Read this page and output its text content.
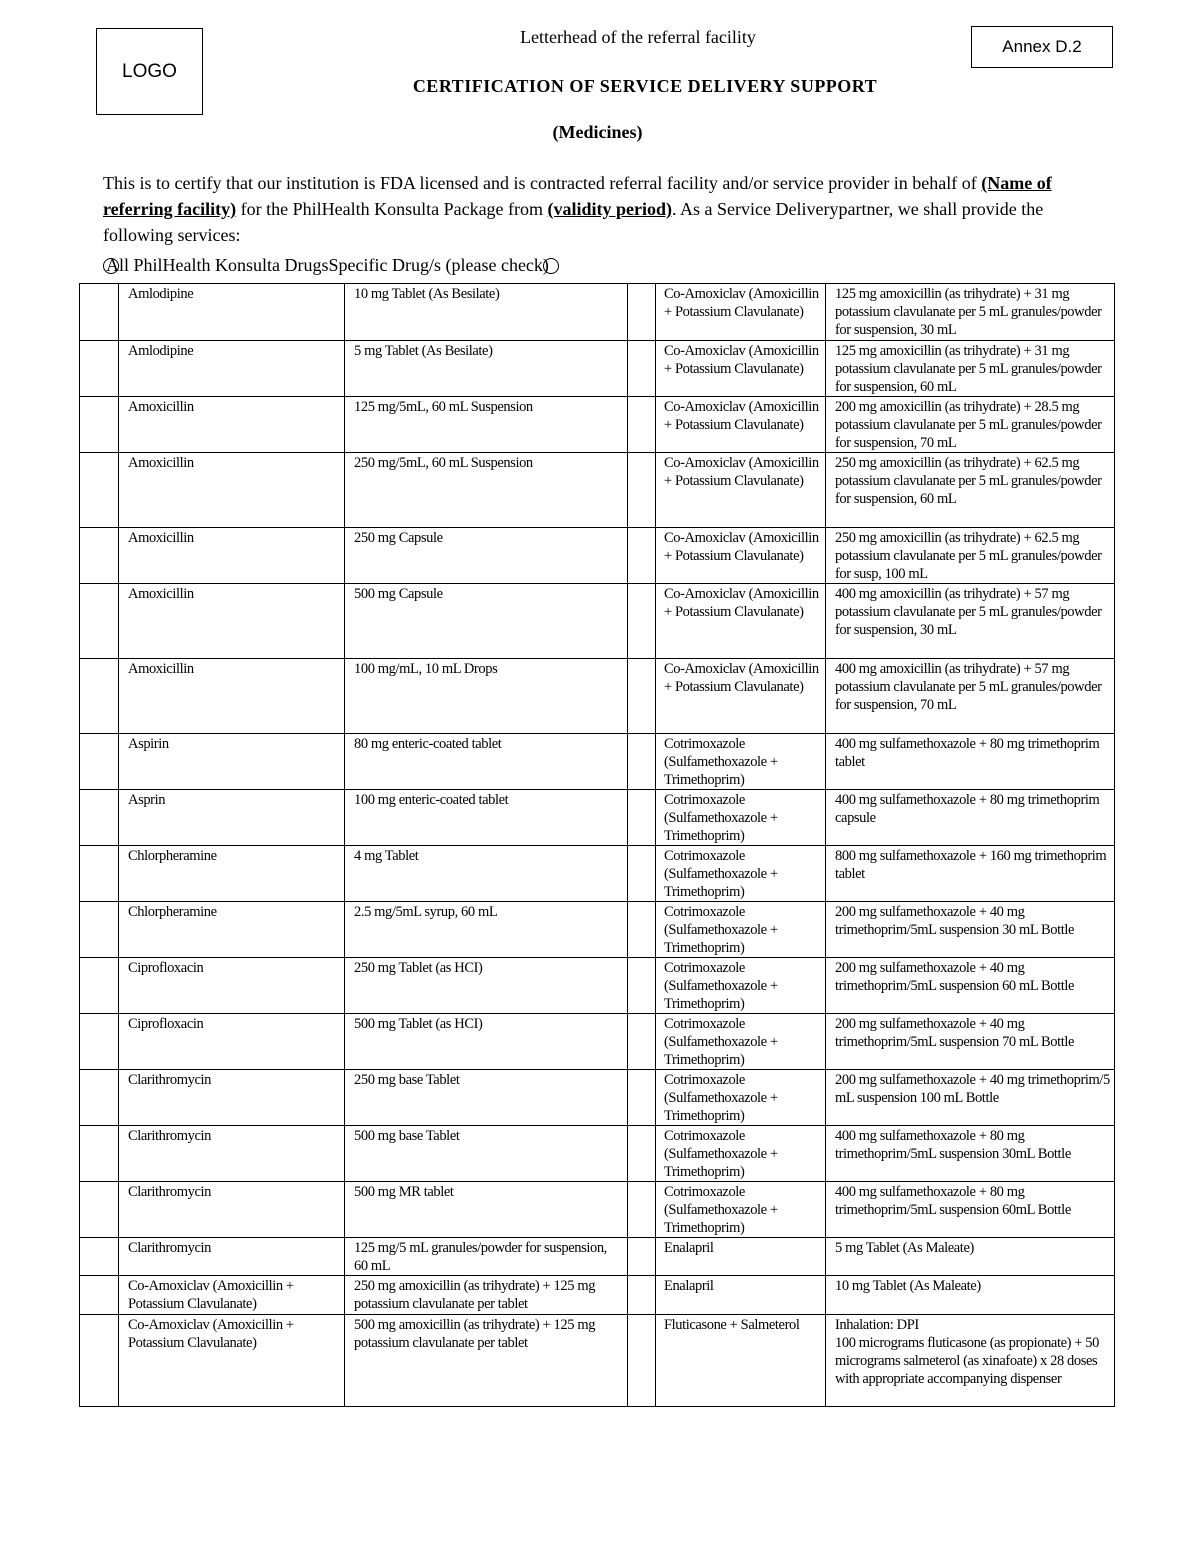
LOGO
Letterhead of the referral facility	Annex D.2
CERTIFICATION OF SERVICE DELIVERY SUPPORT
(Medicines)
This is to certify that our institution is FDA licensed and is contracted referral facility and/or service provider in behalf of (Name of referring facility) for the PhilHealth Konsulta Package from (validity period). As a Service Deliverypartner, we shall provide the following services:
All PhilHealth Konsulta DrugsSpecific Drug/s (please check)
	Amlodipine	10 mg Tablet (As Besilate)		Co-Amoxiclav (Amoxicillin + Potassium Clavulanate)	125 mg amoxicillin (as trihydrate) + 31 mg potassium clavulanate per 5 mL granules/powder for suspension, 30 mL
	Amlodipine	5 mg Tablet (As Besilate)		Co-Amoxiclav (Amoxicillin + Potassium Clavulanate)	125 mg amoxicillin (as trihydrate) + 31 mg potassium clavulanate per 5 mL granules/powder for suspension, 60 mL
	Amoxicillin	125 mg/5mL, 60 mL Suspension		Co-Amoxiclav (Amoxicillin + Potassium Clavulanate)	200 mg amoxicillin (as trihydrate) + 28.5 mg potassium clavulanate per 5 mL granules/powder for suspension, 70 mL
	Amoxicillin	250 mg/5mL, 60 mL Suspension		Co-Amoxiclav (Amoxicillin + Potassium Clavulanate)	250 mg amoxicillin (as trihydrate) + 62.5 mg potassium clavulanate per 5 mL granules/powder for suspension, 60 mL
	Amoxicillin	250 mg Capsule		Co-Amoxiclav (Amoxicillin + Potassium Clavulanate)	250 mg amoxicillin (as trihydrate) + 62.5 mg potassium clavulanate per 5 mL granules/powder for susp, 100 mL
	Amoxicillin	500 mg Capsule		Co-Amoxiclav (Amoxicillin + Potassium Clavulanate)	400 mg amoxicillin (as trihydrate) + 57 mg potassium clavulanate per 5 mL granules/powder for suspension, 30 mL
	Amoxicillin	100 mg/mL, 10 mL Drops		Co-Amoxiclav (Amoxicillin + Potassium Clavulanate)	400 mg amoxicillin (as trihydrate) + 57 mg potassium clavulanate per 5 mL granules/powder for suspension, 70 mL
	Aspirin	80 mg enteric-coated tablet		Cotrimoxazole (Sulfamethoxazole + Trimethoprim)	400 mg sulfamethoxazole + 80 mg trimethoprim tablet
	Asprin	100 mg enteric-coated tablet		Cotrimoxazole (Sulfamethoxazole + Trimethoprim)	400 mg sulfamethoxazole + 80 mg trimethoprim capsule
	Chlorpheramine	4 mg Tablet		Cotrimoxazole (Sulfamethoxazole + Trimethoprim)	800 mg sulfamethoxazole + 160 mg trimethoprim tablet
	Chlorpheramine	2.5 mg/5mL syrup, 60 mL		Cotrimoxazole (Sulfamethoxazole + Trimethoprim)	200 mg sulfamethoxazole + 40 mg trimethoprim/5mL suspension 30 mL Bottle
	Ciprofloxacin	250 mg Tablet (as HCI)		Cotrimoxazole (Sulfamethoxazole + Trimethoprim)	200 mg sulfamethoxazole + 40 mg trimethoprim/5mL suspension 60 mL Bottle
	Ciprofloxacin	500 mg Tablet (as HCI)		Cotrimoxazole (Sulfamethoxazole + Trimethoprim)	200 mg sulfamethoxazole + 40 mg trimethoprim/5mL suspension 70 mL Bottle
	Clarithromycin	250 mg base Tablet		Cotrimoxazole (Sulfamethoxazole + Trimethoprim)	200 mg sulfamethoxazole + 40 mg trimethoprim/5 mL suspension 100 mL Bottle
	Clarithromycin	500 mg base Tablet		Cotrimoxazole (Sulfamethoxazole + Trimethoprim)	400 mg sulfamethoxazole + 80 mg trimethoprim/5mL suspension 30mL Bottle
	Clarithromycin	500 mg MR tablet		Cotrimoxazole (Sulfamethoxazole + Trimethoprim)	400 mg sulfamethoxazole + 80 mg trimethoprim/5mL suspension 60mL Bottle
	Clarithromycin	125 mg/5 mL granules/powder for suspension, 60 mL		Enalapril	5 mg Tablet (As Maleate)
	Co-Amoxiclav (Amoxicillin + Potassium Clavulanate)	250 mg amoxicillin (as trihydrate) + 125 mg potassium clavulanate per tablet		Enalapril	10 mg Tablet (As Maleate)
	Co-Amoxiclav (Amoxicillin + Potassium Clavulanate)	500 mg amoxicillin (as trihydrate) + 125 mg potassium clavulanate per tablet		Fluticasone + Salmeterol	Inhalation: DPI
100 micrograms fluticasone (as propionate) + 50 micrograms salmeterol (as xinafoate) x 28 doses with appropriate accompanying dispenser
